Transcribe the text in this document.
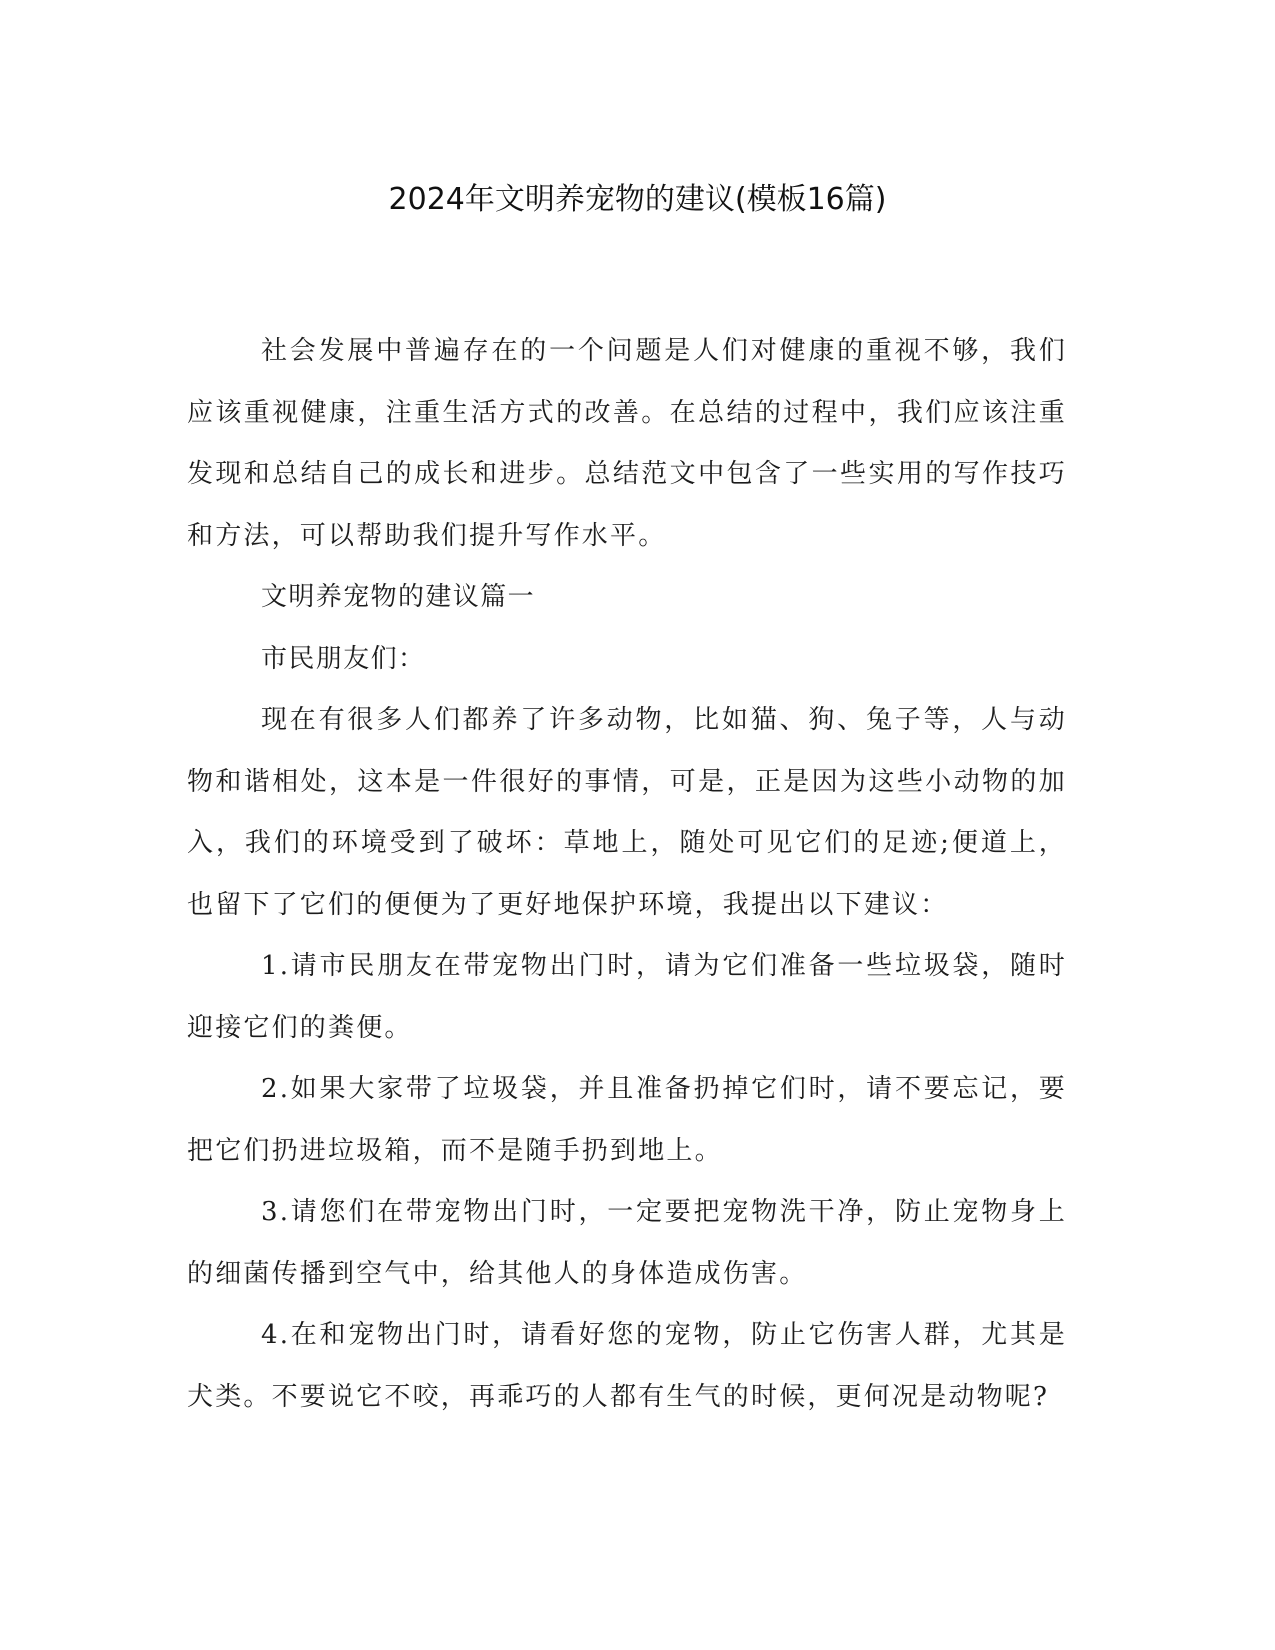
2024年文明养宠物的建议(模板16篇)

社会发展中普遍存在的一个问题是人们对健康的重视不够，我们应该重视健康，注重生活方式的改善。在总结的过程中，我们应该注重发现和总结自己的成长和进步。总结范文中包含了一些实用的写作技巧和方法，可以帮助我们提升写作水平。

文明养宠物的建议篇一

市民朋友们：

现在有很多人们都养了许多动物，比如猫、狗、兔子等，人与动物和谐相处，这本是一件很好的事情，可是，正是因为这些小动物的加入，我们的环境受到了破坏：草地上，随处可见它们的足迹;便道上，也留下了它们的便便为了更好地保护环境，我提出以下建议：

1.请市民朋友在带宠物出门时，请为它们准备一些垃圾袋，随时迎接它们的粪便。

2.如果大家带了垃圾袋，并且准备扔掉它们时，请不要忘记，要把它们扔进垃圾箱，而不是随手扔到地上。

3.请您们在带宠物出门时，一定要把宠物洗干净，防止宠物身上的细菌传播到空气中，给其他人的身体造成伤害。

4.在和宠物出门时，请看好您的宠物，防止它伤害人群，尤其是犬类。不要说它不咬，再乖巧的人都有生气的时候，更何况是动物呢?
